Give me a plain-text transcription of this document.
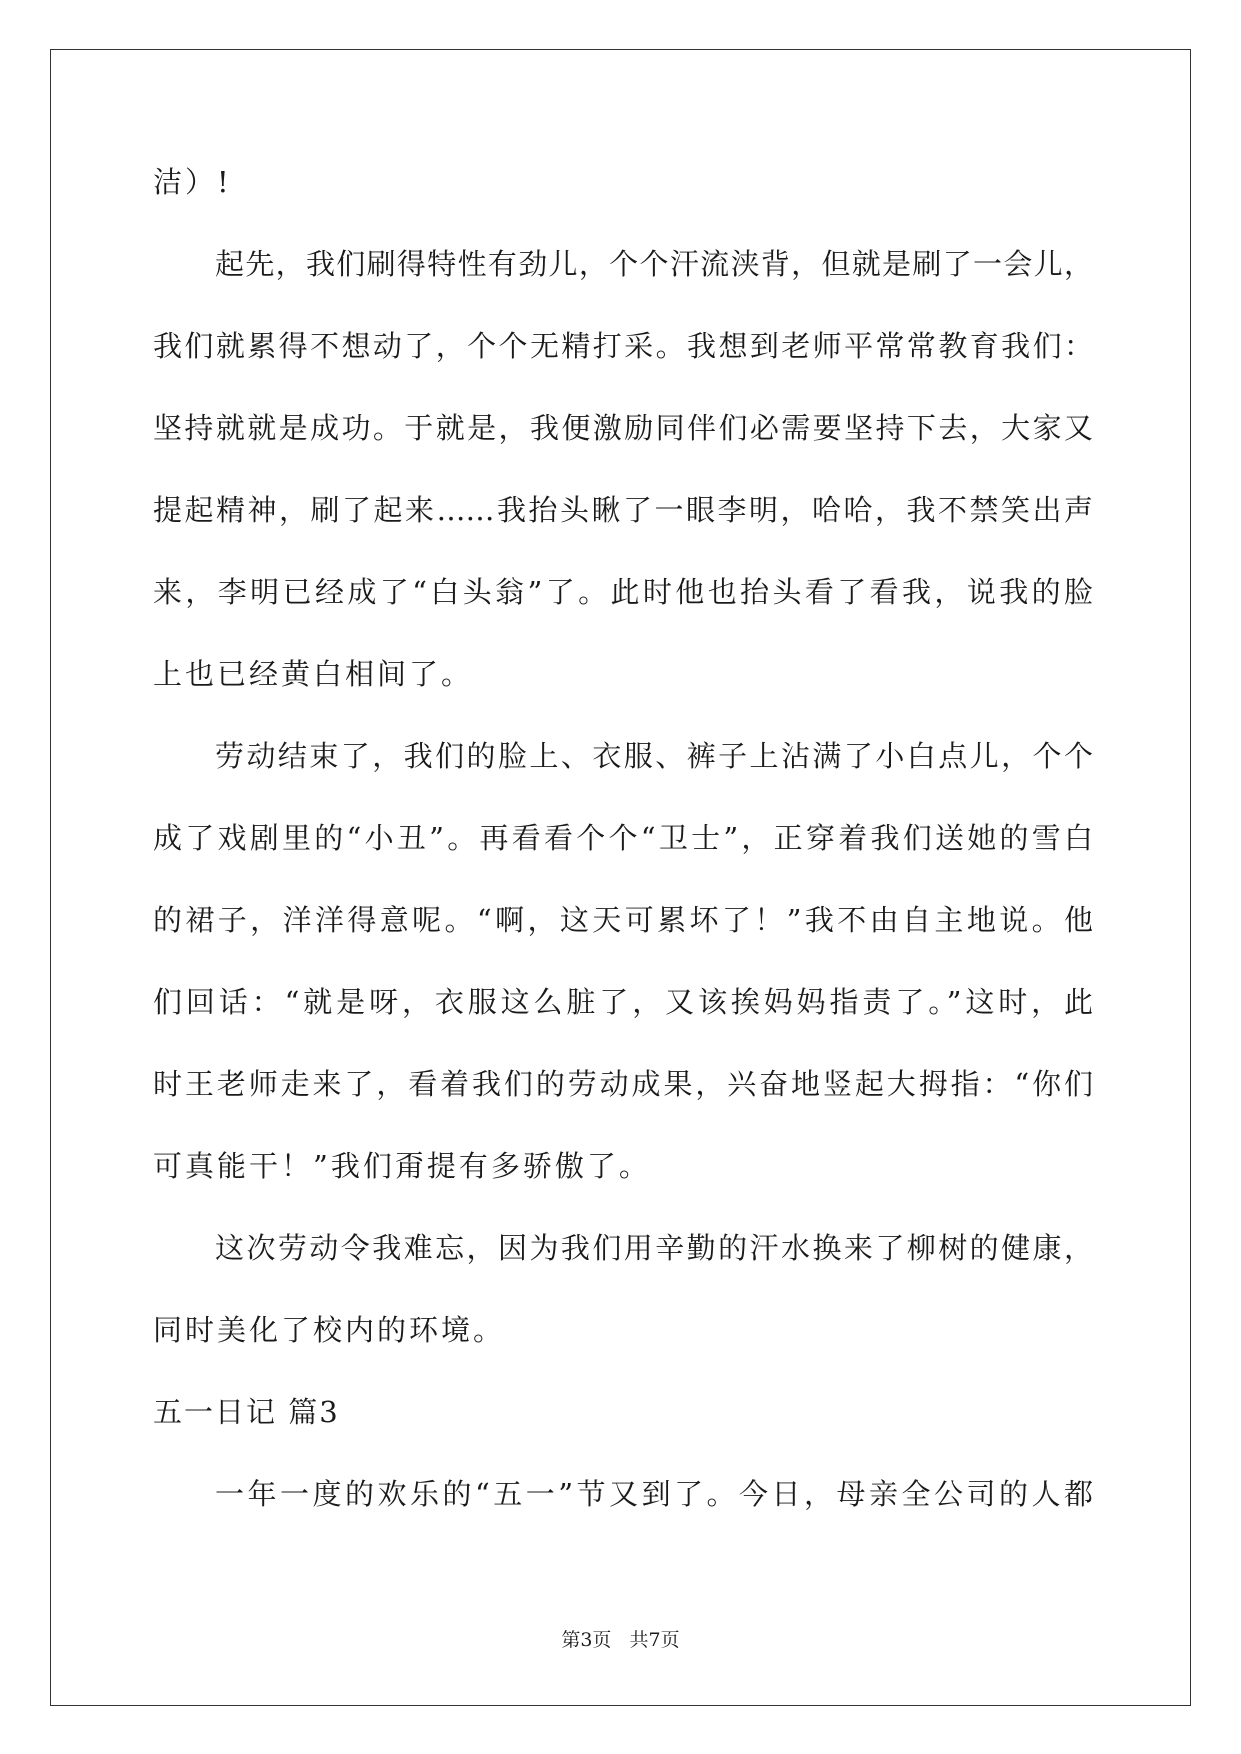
洁）!

起先，我们刷得特性有劲儿，个个汗流浃背，但就是刷了一会儿，

我们就累得不想动了，个个无精打采。我想到老师平常常教育我们：

坚持就就是成功。于就是，我便激励同伴们必需要坚持下去，大家又

提起精神，刷了起来……我抬头瞅了一眼李明，哈哈，我不禁笑出声

来，李明已经成了“白头翁”了。此时他也抬头看了看我，说我的脸

上也已经黄白相间了。

劳动结束了，我们的脸上、衣服、裤子上沾满了小白点儿，个个

成了戏剧里的“小丑”。再看看个个“卫士”，正穿着我们送她的雪白

的裙子，洋洋得意呢。“啊，这天可累坏了！”我不由自主地说。他

们回话：“就是呀，衣服这么脏了，又该挨妈妈指责了。”这时，此

时王老师走来了，看着我们的劳动成果，兴奋地竖起大拇指：“你们

可真能干！”我们甭提有多骄傲了。

这次劳动令我难忘，因为我们用辛勤的汗水换来了柳树的健康，

同时美化了校内的环境。

五一日记 篇3

一年一度的欢乐的“五一”节又到了。今日，母亲全公司的人都

第3页   共7页
